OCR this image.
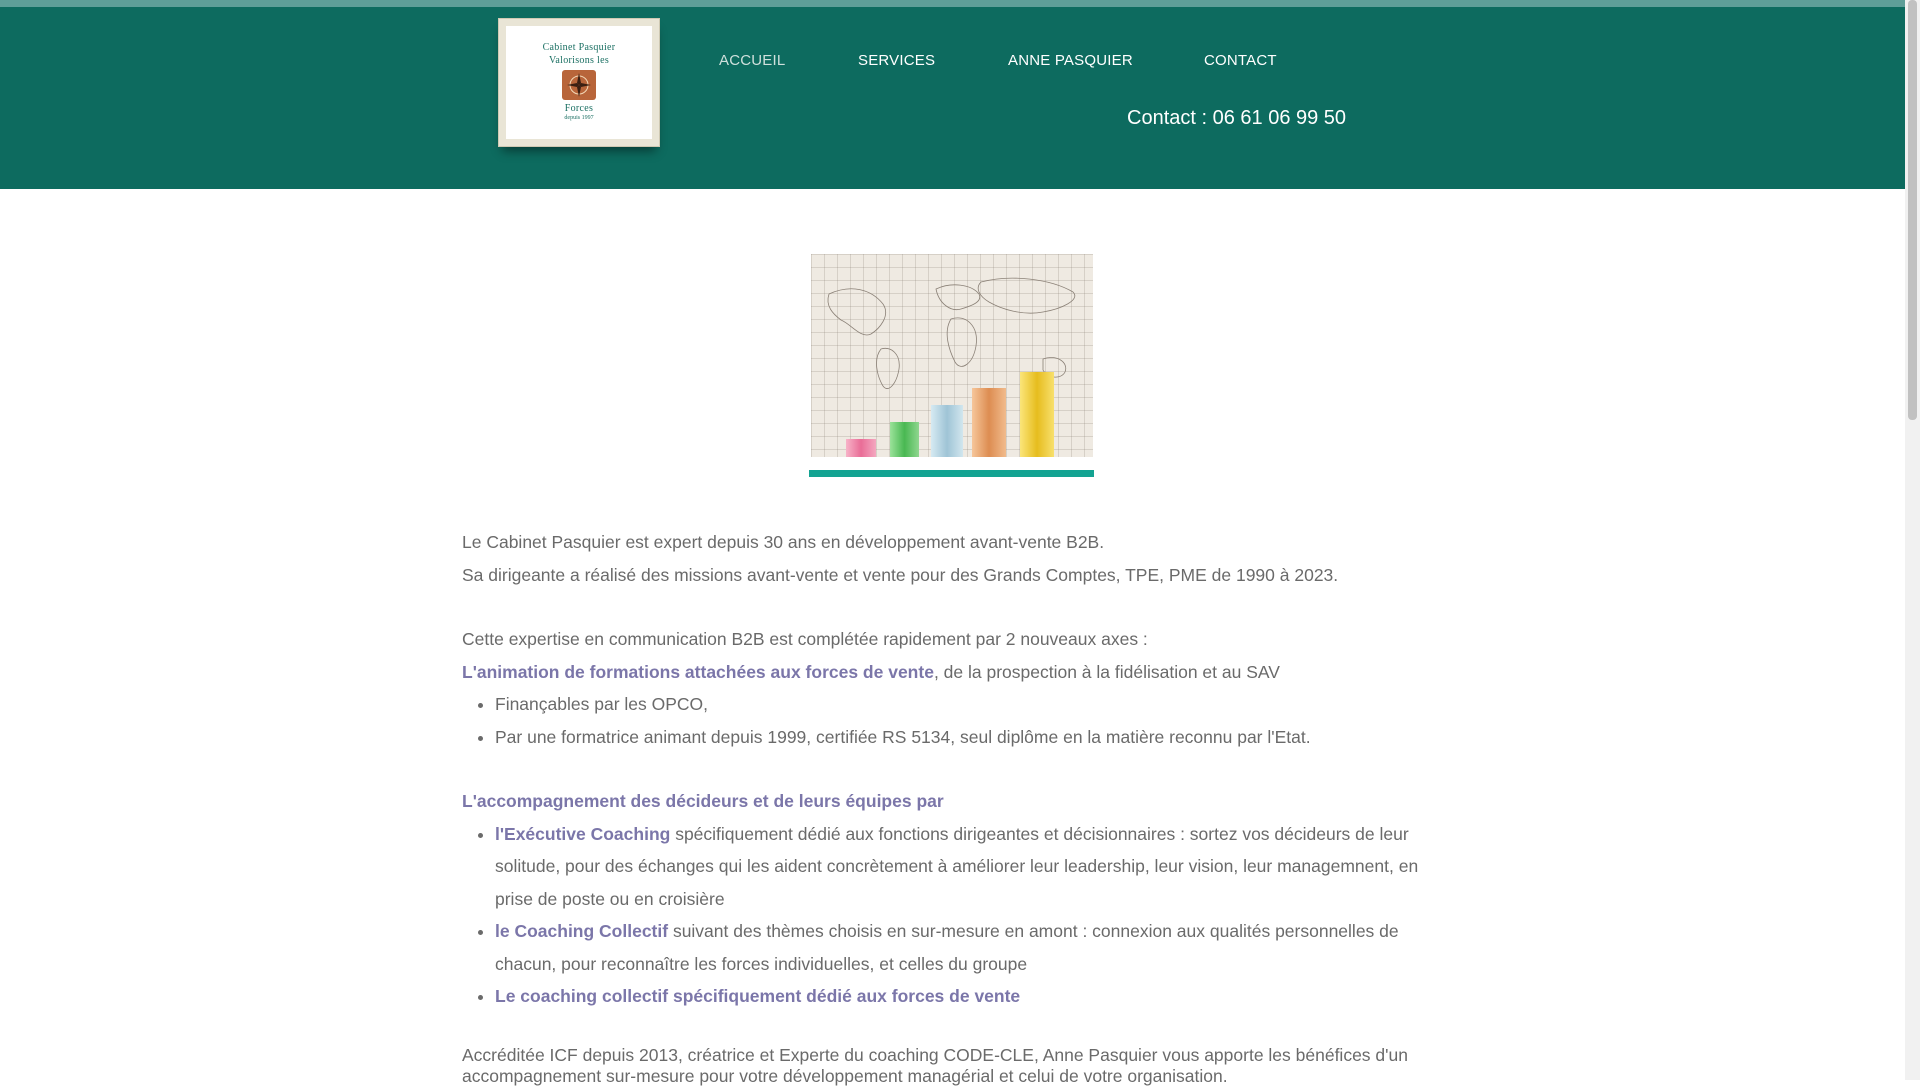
Cabinet Pasquier
Valorisons les
Forces
depuis 1997
ACCUEIL	SERVICES	ANNE PASQUIER	CONTACT
Contact : 06 61 06 99 50

Le Cabinet Pasquier est expert depuis 30 ans en développement avant-vente B2B.

Sa dirigeante a réalisé des missions avant-vente et vente pour des Grands Comptes, TPE, PME de 1990 à 2023.

Cette expertise en communication B2B est complétée rapidement par 2 nouveaux axes :

L'animation de formations attachées aux forces de vente, de la prospection à la fidélisation et au SAV

• Finançables par les OPCO,
• Par une formatrice animant depuis 1999, certifiée RS 5134, seul diplôme en la matière reconnu par l'Etat.

L'accompagnement des décideurs et de leurs équipes par

• l'Exécutive Coaching spécifiquement dédié aux fonctions dirigeantes et décisionnaires : sortez vos décideurs de leur solitude, pour des échanges qui les aident concrètement à améliorer leur leadership, leur vision, leur managemnent, en prise de poste ou en croisière
• le Coaching Collectif suivant des thèmes choisis en sur-mesure en amont : connexion aux qualités personnelles de chacun, pour reconnaître les forces individuelles, et celles du groupe
• Le coaching collectif spécifiquement dédié aux forces de vente

Accréditée ICF depuis 2013, créatrice et Experte du coaching CODE-CLE, Anne Pasquier vous apporte les bénéfices d'un accompagnement sur-mesure pour votre développement managérial et celui de votre organisation.
